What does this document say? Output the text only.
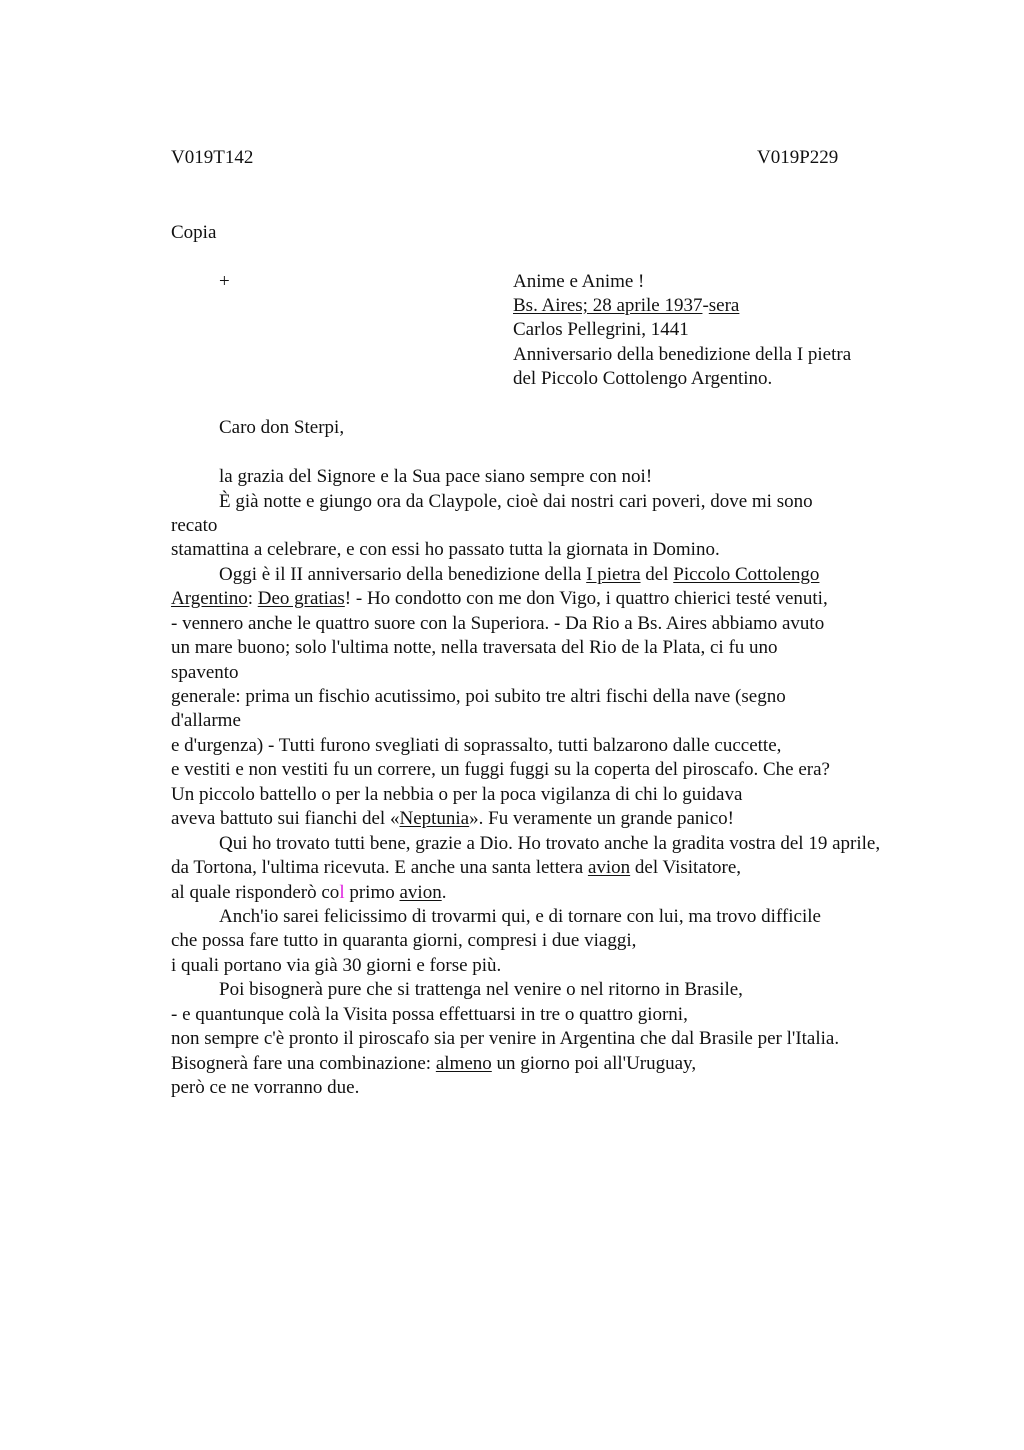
V019T142	V019P229
Copia
+	Anime e Anime !
Bs. Aires; 28 aprile 1937-sera
Carlos Pellegrini, 1441
Anniversario della benedizione della I pietra
del Piccolo Cottolengo Argentino.
Caro don Sterpi,
la grazia del Signore e la Sua pace siano sempre con noi!
È già notte e giungo ora da Claypole, cioè dai nostri cari poveri, dove mi sono
recato
stamattina a celebrare, e con essi ho passato tutta la giornata in Domino.
Oggi è il II anniversario della benedizione della I pietra del Piccolo Cottolengo
Argentino: Deo gratias! - Ho condotto con me don Vigo, i quattro chierici testé venuti,
- vennero anche le quattro suore con la Superiora. - Da Rio a Bs. Aires abbiamo avuto
un mare buono; solo l'ultima notte, nella traversata del Rio de la Plata, ci fu uno
spavento
generale: prima un fischio acutissimo, poi subito tre altri fischi della nave (segno
d'allarme
e d'urgenza) - Tutti furono svegliati di soprassalto, tutti balzarono dalle cuccette,
e vestiti e non vestiti fu un correre, un fuggi fuggi su la coperta del piroscafo. Che era?
Un piccolo battello o per la nebbia o per la poca vigilanza di chi lo guidava
aveva battuto sui fianchi del «Neptunia». Fu veramente un grande panico!
Qui ho trovato tutti bene, grazie a Dio. Ho trovato anche la gradita vostra del 19 aprile,
da Tortona, l'ultima ricevuta. E anche una santa lettera avion del Visitatore,
al quale risponderò col primo avion.
Anch'io sarei felicissimo di trovarmi qui, e di tornare con lui, ma trovo difficile
che possa fare tutto in quaranta giorni, compresi i due viaggi,
i quali portano via già 30 giorni e forse più.
Poi bisognerà pure che si trattenga nel venire o nel ritorno in Brasile,
- e quantunque colà la Visita possa effettuarsi in tre o quattro giorni,
non sempre c'è pronto il piroscafo sia per venire in Argentina che dal Brasile per l'Italia.
Bisognerà fare una combinazione: almeno un giorno poi all'Uruguay,
però ce ne vorranno due.
